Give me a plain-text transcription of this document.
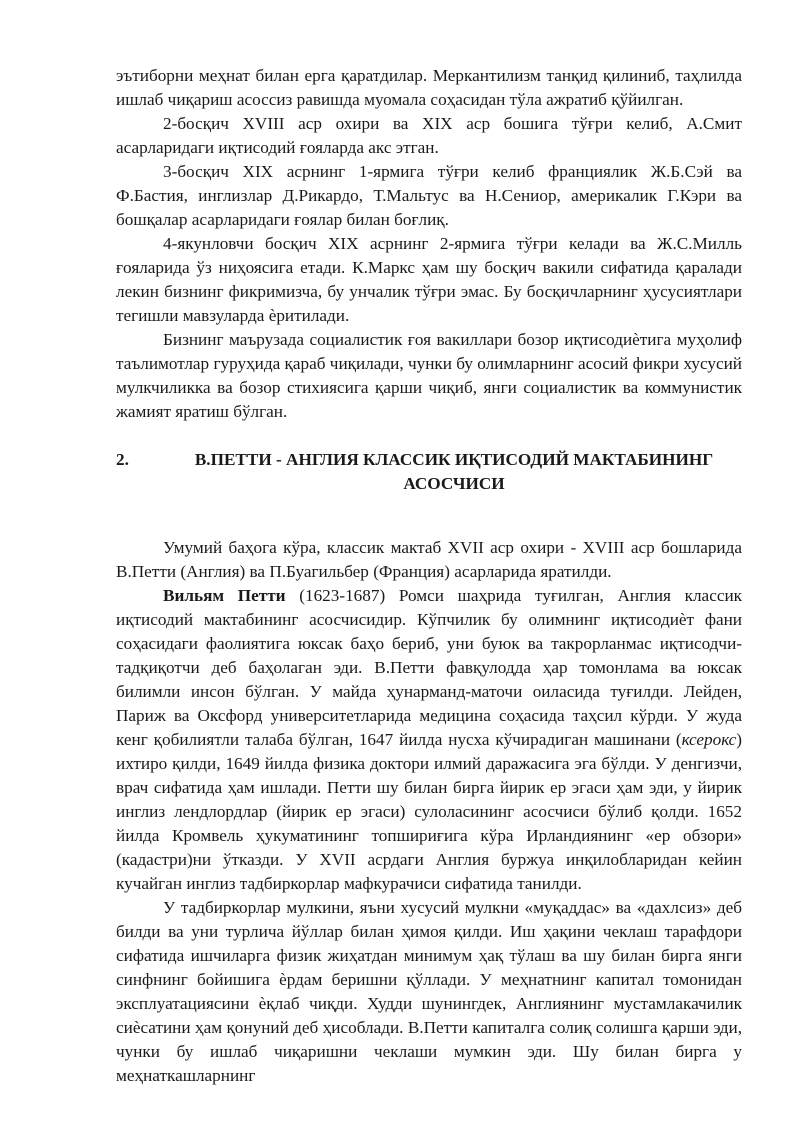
эътиборни меҳнат билан ерга қаратдилар. Меркантилизм танқид қилиниб, таҳлилда ишлаб чиқариш асоссиз равишда муомала соҳасидан тўла ажратиб қўйилган.

2-босқич XVIII аср охири ва XIX аср бошига тўғри келиб, А.Смит асарларидаги иқтисодий ғояларда акс этган.

3-босқич XIX асрнинг 1-ярмига тўғри келиб франциялик Ж.Б.Сэй ва Ф.Бастия, инглизлар Д.Рикардо, Т.Мальтус ва Н.Сениор, америкалик Г.Кэри ва бошқалар асарларидаги ғоялар билан боғлиқ.

4-якунловчи босқич XIX асрнинг 2-ярмига тўғри келади ва Ж.С.Милль ғояларида ўз ниҳоясига етади. К.Маркс ҳам шу босқич вакили сифатида қаралади лекин бизнинг фикримизча, бу унчалик тўғри эмас. Бу босқичларнинг ҳусусиятлари тегишли мавзуларда ѐритилади.

Бизнинг маърузада социалистик ғоя вакиллари бозор иқтисодиѐтига муҳолиф таълимотлар гуруҳида қараб чиқилади, чунки бу олимларнинг асосий фикри хусусий мулкчиликка ва бозор стихиясига қарши чиқиб, янги социалистик ва коммунистик жамият яратиш бўлган.

2.	В.ПЕТТИ - АНГЛИЯ КЛАССИК ИҚТИСОДИЙ МАКТАБИНИНГ АСОСЧИСИ

Умумий баҳога кўра, классик мактаб XVII аср охири - XVIII аср бошларида В.Петти (Англия) ва П.Буагильбер (Франция) асарларида яратилди.

Вильям Петти (1623-1687) Ромси шаҳрида туғилган, Англия классик иқтисодий мактабининг асосчисидир. Кўпчилик бу олимнинг иқтисодиѐт фани соҳасидаги фаолиятига юксак баҳо бериб, уни буюк ва такрорланмас иқтисодчи-тадқиқотчи деб баҳолаган эди. В.Петти фавқулодда ҳар томонлама ва юксак билимли инсон бўлган. У майда ҳунарманд-маточи оиласида туғилди. Лейден, Париж ва Оксфорд университетларида медицина соҳасида таҳсил кўрди. У жуда кенг қобилиятли талаба бўлган, 1647 йилда нусха кўчирадиган машинани (ксерокс) ихтиро қилди, 1649 йилда физика доктори илмий даражасига эга бўлди. У денгизчи, врач сифатида ҳам ишлади. Петти шу билан бирга йирик ер эгаси ҳам эди, у йирик инглиз лендлордлар (йирик ер эгаси) сулоласининг асосчиси бўлиб қолди. 1652 йилда Кромвель ҳукуматининг топшириғига кўра Ирландиянинг «ер обзори» (кадастри)ни ўтказди. У XVII асрдаги Англия буржуа инқилобларидан кейин кучайган инглиз тадбиркорлар мафкурачиси сифатида танилди.

У тадбиркорлар мулкини, яъни хусусий мулкни «муқаддас» ва «дахлсиз» деб билди ва уни турлича йўллар билан ҳимоя қилди. Иш ҳақини чеклаш тарафдори сифатида ишчиларга физик жиҳатдан минимум ҳақ тўлаш ва шу билан бирга янги синфнинг бойишига ѐрдам беришни қўллади. У меҳнатнинг капитал томонидан эксплуатациясини ѐқлаб чиқди. Худди шунингдек, Англиянинг мустамлакачилик сиѐсатини ҳам қонуний деб ҳисоблади. В.Петти капиталга солиқ солишга қарши эди, чунки бу ишлаб чиқаришни чеклаши мумкин эди. Шу билан бирга у меҳнаткашларнинг
